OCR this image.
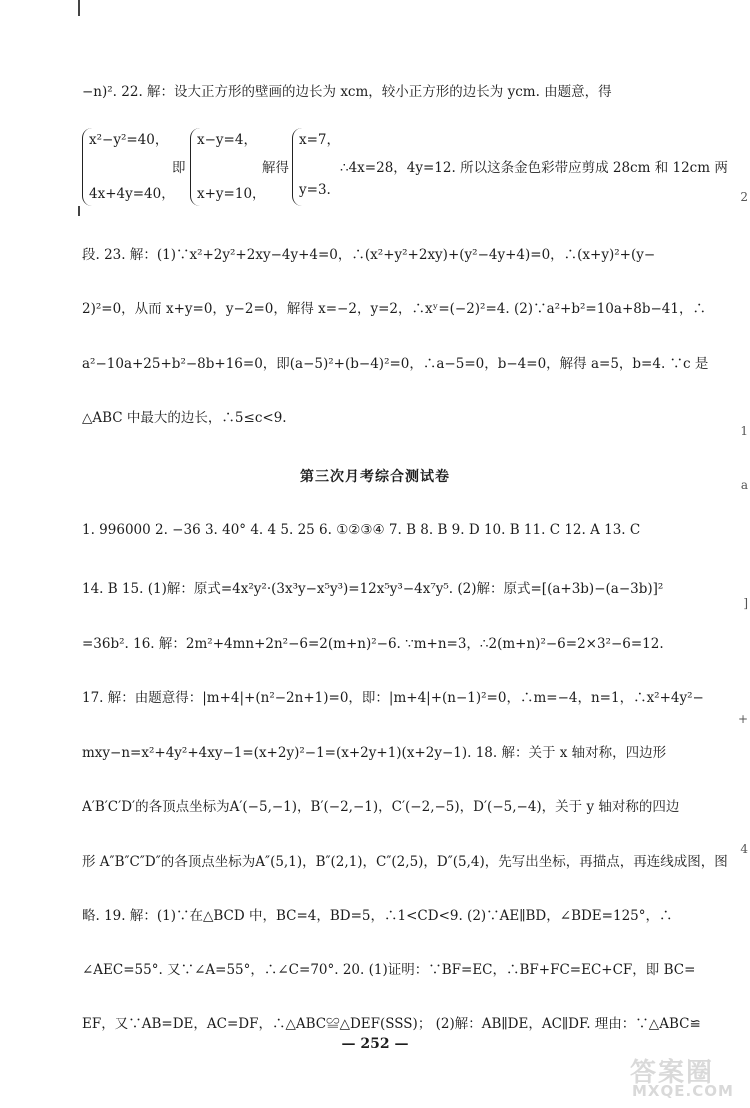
−n)². 22. 解：设大正方形的壁画的边长为 xcm，较小正方形的边长为 ycm. 由题意，得
x²−y²=40，
4x+4y=40，
即
x−y=4，
x+y=10，
解得
x=7，
y=3.
∴4x=28，4y=12. 所以这条金色彩带应剪成 28cm 和 12cm 两
段. 23. 解：(1)∵x²+2y²+2xy−4y+4=0，∴(x²+y²+2xy)+(y²−4y+4)=0，∴(x+y)²+(y−
2)²=0，从而 x+y=0，y−2=0，解得 x=−2，y=2，∴xʸ=(−2)²=4. (2)∵a²+b²=10a+8b−41，∴
a²−10a+25+b²−8b+16=0，即(a−5)²+(b−4)²=0，∴a−5=0，b−4=0，解得 a=5，b=4. ∵c 是
△ABC 中最大的边长，∴5≤c<9.
第三次月考综合测试卷
1. 996000 2. −36 3. 40° 4. 4 5. 25 6. ①②③④ 7. B 8. B 9. D 10. B 11. C 12. A 13. C
14. B 15. (1)解：原式=4x²y²·(3x³y−x⁵y³)=12x⁵y³−4x⁷y⁵. (2)解：原式=[(a+3b)−(a−3b)]²
=36b². 16. 解：2m²+4mn+2n²−6=2(m+n)²−6. ∵m+n=3，∴2(m+n)²−6=2×3²−6=12.
17. 解：由题意得：|m+4|+(n²−2n+1)=0，即：|m+4|+(n−1)²=0，∴m=−4，n=1，∴x²+4y²−
mxy−n=x²+4y²+4xy−1=(x+2y)²−1=(x+2y+1)(x+2y−1). 18. 解：关于 x 轴对称，四边形
A′B′C′D′的各顶点坐标为A′(−5,−1)，B′(−2,−1)，C′(−2,−5)，D′(−5,−4)，关于 y 轴对称的四边
形 A″B″C″D″的各顶点坐标为A″(5,1)，B″(2,1)，C″(2,5)，D″(5,4)，先写出坐标，再描点，再连线成图，图
略. 19. 解：(1)∵在△BCD 中，BC=4，BD=5，∴1<CD<9. (2)∵AE∥BD，∠BDE=125°，∴
∠AEC=55°. 又∵∠A=55°，∴∠C=70°. 20. (1)证明：∵BF=EC，∴BF+FC=EC+CF，即 BC=
EF，又∵AB=DE，AC=DF，∴△ABC≌△DEF(SSS)； (2)解：AB∥DE，AC∥DF. 理由：∵△ABC≌
— 252 —
2
1
a
]
+
4
答案圈
MXQE.COM
